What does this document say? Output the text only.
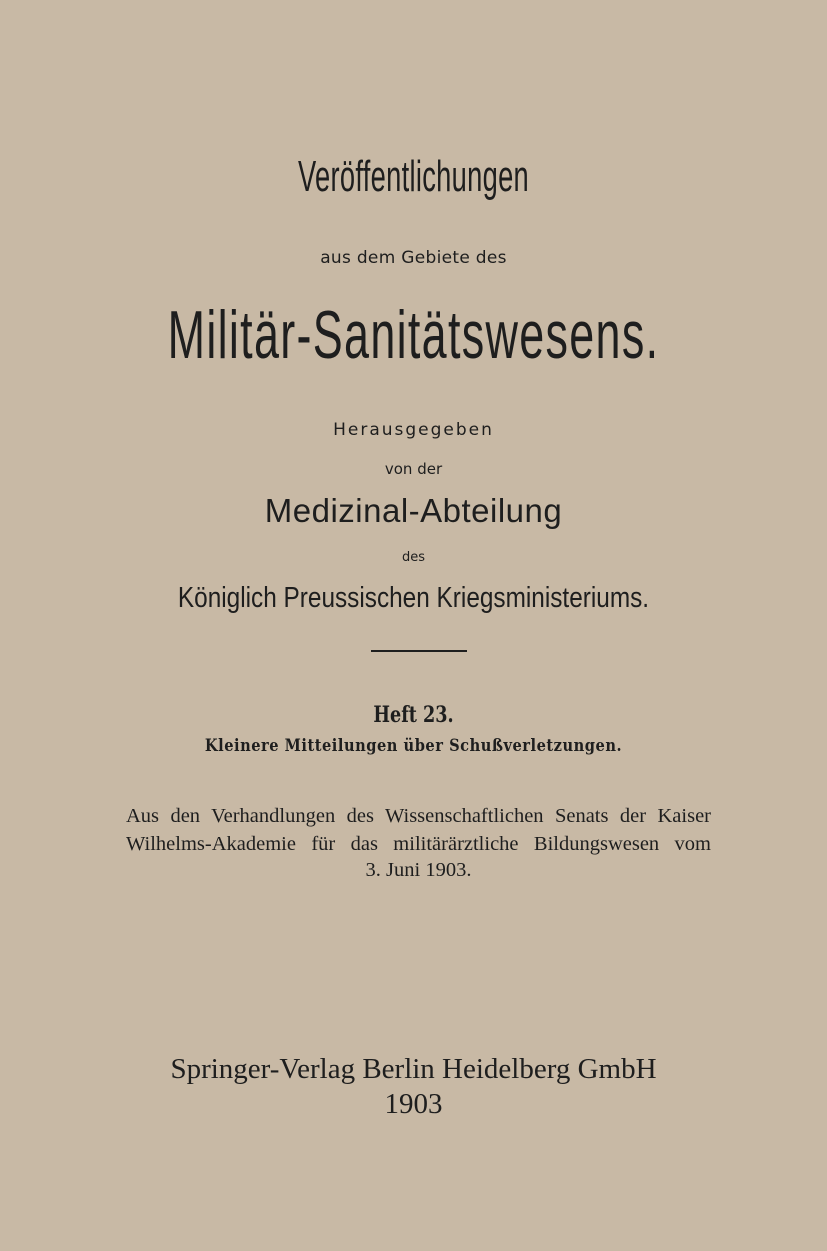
Veröffentlichungen
aus dem Gebiete des
Militär-Sanitätswesens.
Herausgegeben
von der
Medizinal-Abteilung
des
Königlich Preussischen Kriegsministeriums.
Heft 23.
Kleinere Mitteilungen über Schußverletzungen.
Aus den Verhandlungen des Wissenschaftlichen Senats der Kaiser
Wilhelms-Akademie für das militärärztliche Bildungswesen vom
3. Juni 1903.
Springer-Verlag Berlin Heidelberg GmbH
1903
